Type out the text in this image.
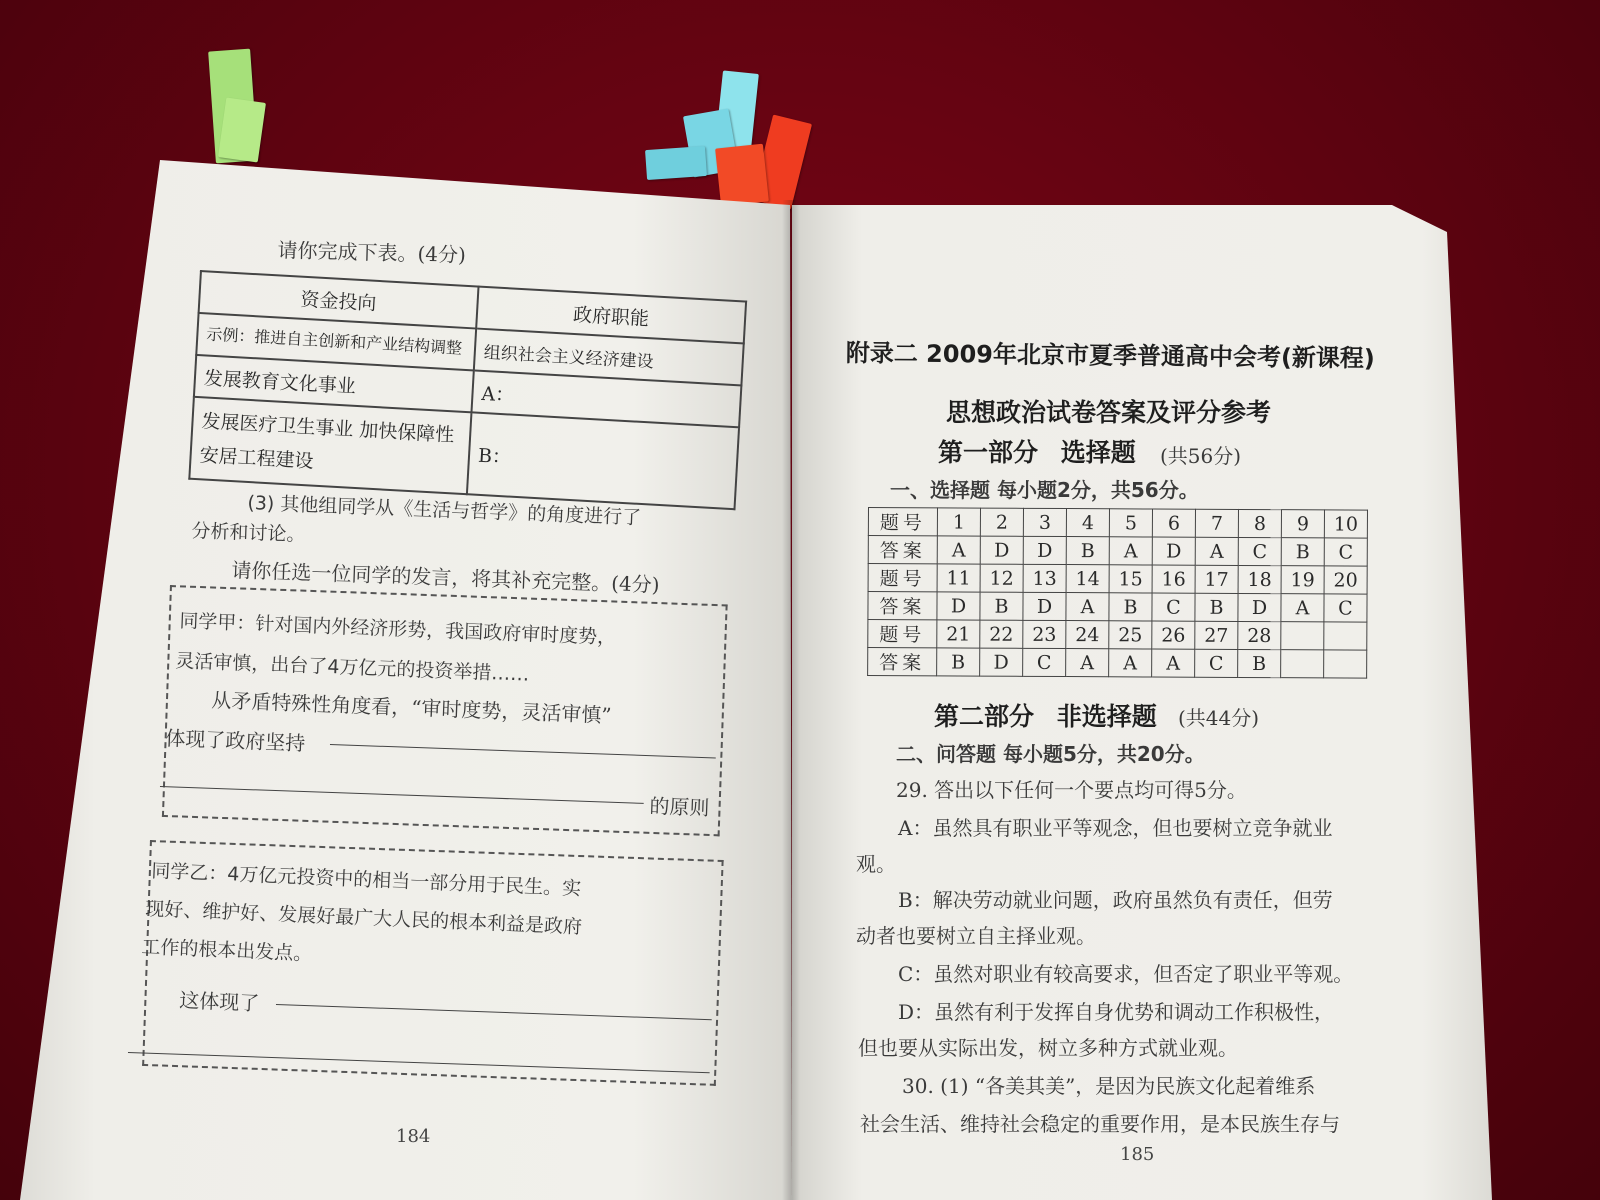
请你完成下表。(4分)
资金投向	政府职能
示例：推进自主创新和产业结构调整	组织社会主义经济建设
发展教育文化事业	A：
发展医疗卫生事业 加快保障性安居工程建设	B：
(3) 其他组同学从《生活与哲学》的角度进行了
分析和讨论。
请你任选一位同学的发言，将其补充完整。(4分)
同学甲：针对国内外经济形势，我国政府审时度势，
灵活审慎，出台了4万亿元的投资举措……
从矛盾特殊性角度看，“审时度势，灵活审慎”
体现了政府坚持
的原则
同学乙：4万亿元投资中的相当一部分用于民生。实
现好、维护好、发展好最广大人民的根本利益是政府
工作的根本出发点。
这体现了
184
附录二 2009年北京市夏季普通高中会考(新课程)
思想政治试卷答案及评分参考
第一部分 选择题 (共56分)
一、选择题 每小题2分，共56分。
题号	1	2	3	4	5	6	7	8	9	10
答案	A	D	D	B	A	D	A	C	B	C
题号	11	12	13	14	15	16	17	18	19	20
答案	D	B	D	A	B	C	B	D	A	C
题号	21	22	23	24	25	26	27	28		
答案	B	D	C	A	A	A	C	B		
第二部分 非选择题 (共44分)
二、问答题 每小题5分，共20分。
29. 答出以下任何一个要点均可得5分。
A：虽然具有职业平等观念，但也要树立竞争就业
观。
B：解决劳动就业问题，政府虽然负有责任，但劳
动者也要树立自主择业观。
C：虽然对职业有较高要求，但否定了职业平等观。
D：虽然有利于发挥自身优势和调动工作积极性，
但也要从实际出发，树立多种方式就业观。
30. (1) “各美其美”，是因为民族文化起着维系
社会生活、维持社会稳定的重要作用，是本民族生存与
185
